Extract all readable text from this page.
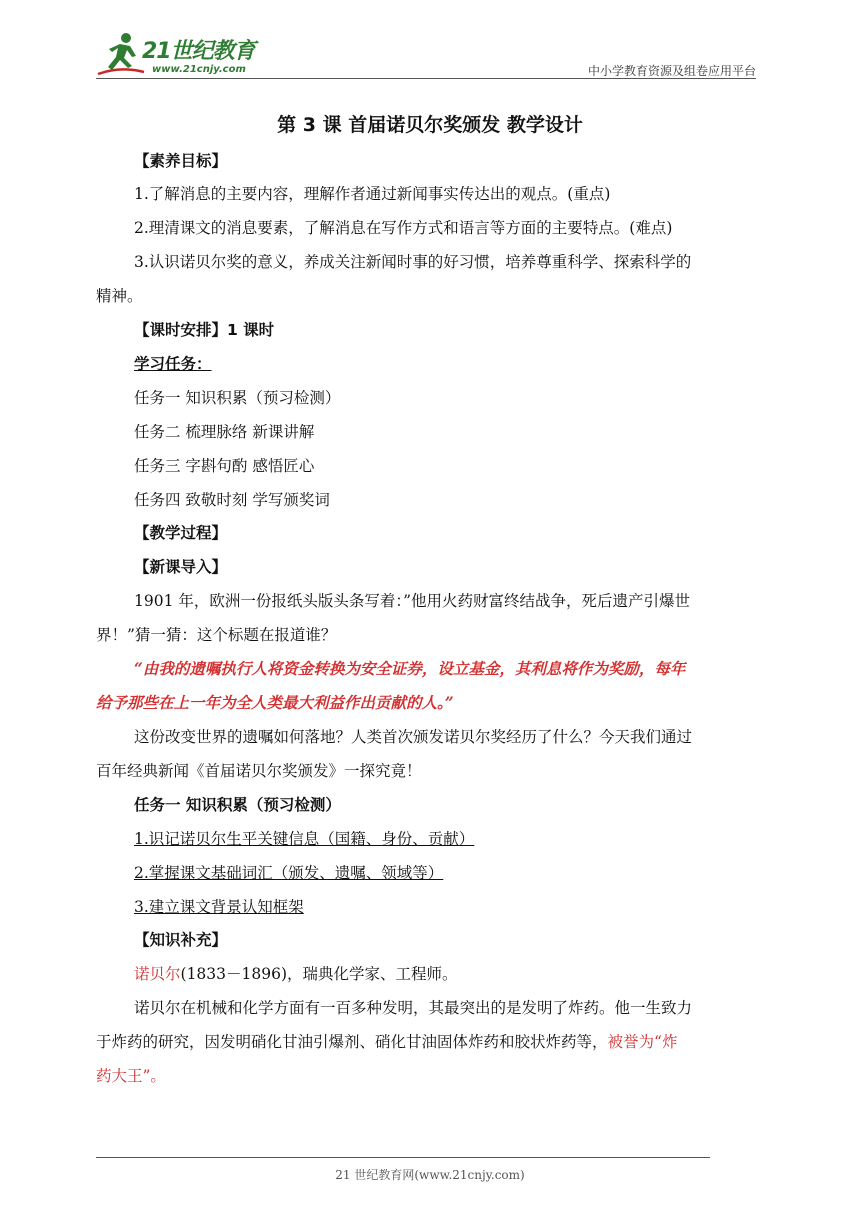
21世纪教育
www.21cnjy.com	中小学教育资源及组卷应用平台
第 3 课 首届诺贝尔奖颁发 教学设计
【素养目标】
1.了解消息的主要内容，理解作者通过新闻事实传达出的观点。(重点)
2.理清课文的消息要素，了解消息在写作方式和语言等方面的主要特点。(难点)
3.认识诺贝尔奖的意义，养成关注新闻时事的好习惯，培养尊重科学、探索科学的
精神。
【课时安排】1 课时
学习任务：
任务一 知识积累（预习检测）
任务二 梳理脉络 新课讲解
任务三 字斟句酌 感悟匠心
任务四 致敬时刻 学写颁奖词
【教学过程】
【新课导入】
1901 年，欧洲一份报纸头版头条写着：”他用火药财富终结战争，死后遗产引爆世
界！”猜一猜：这个标题在报道谁？
“由我的遗嘱执行人将资金转换为安全证券，设立基金，其利息将作为奖励，每年
给予那些在上一年为全人类最大利益作出贡献的人。”
这份改变世界的遗嘱如何落地？人类首次颁发诺贝尔奖经历了什么？今天我们通过
百年经典新闻《首届诺贝尔奖颁发》一探究竟！
任务一 知识积累（预习检测）
1.识记诺贝尔生平关键信息（国籍、身份、贡献）
2.掌握课文基础词汇（颁发、遗嘱、领域等）
3.建立课文背景认知框架
【知识补充】
诺贝尔(1833－1896)，瑞典化学家、工程师。
诺贝尔在机械和化学方面有一百多种发明，其最突出的是发明了炸药。他一生致力
于炸药的研究，因发明硝化甘油引爆剂、硝化甘油固体炸药和胶状炸药等，被誉为“炸
药大王”。
21 世纪教育网(www.21cnjy.com)
